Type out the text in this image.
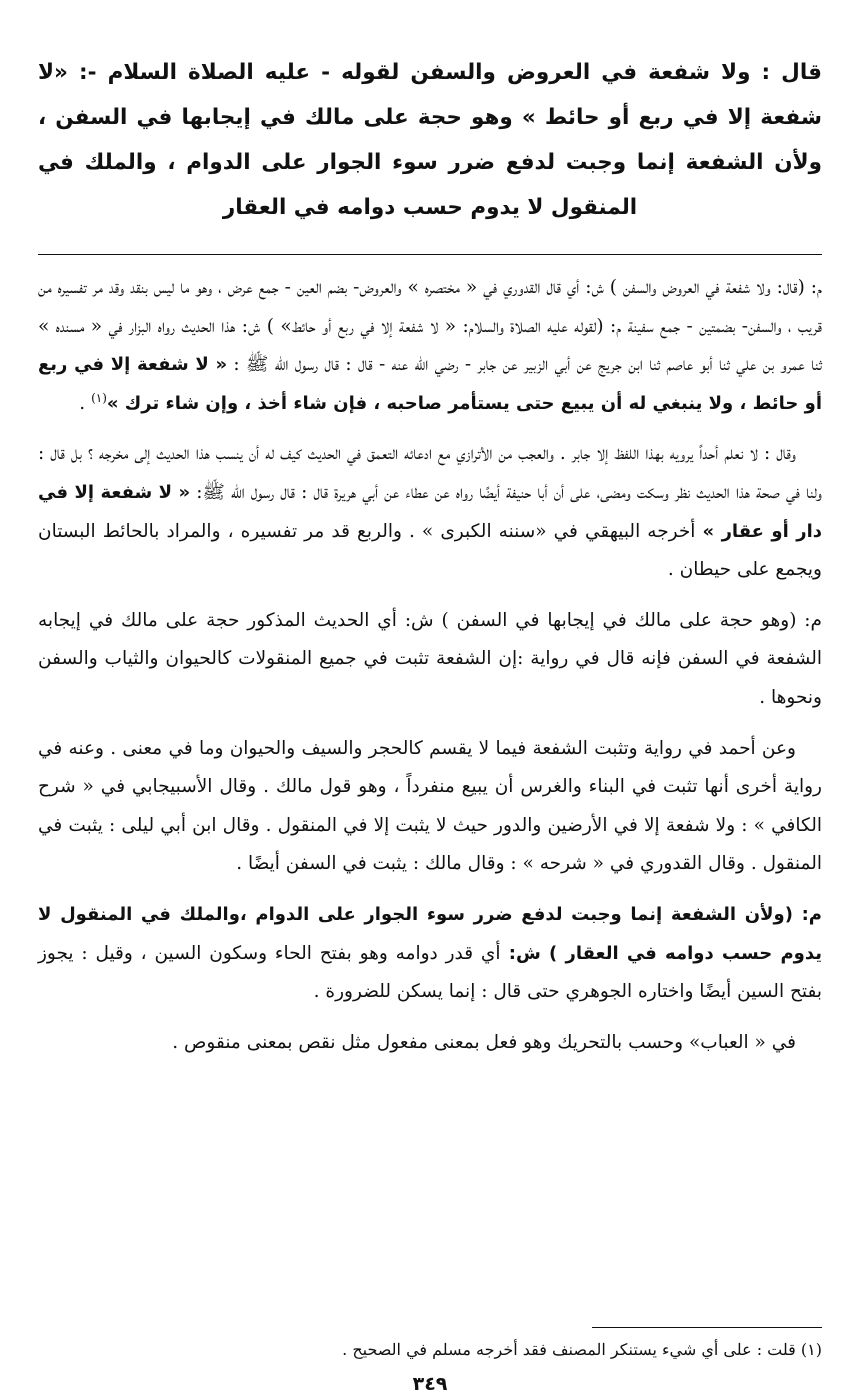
قال : ولا شفعة في العروض والسفن لقوله - عليه الصلاة السلام -: «لا شفعة إلا في ربع أو حائط » وهو حجة على مالك في إيجابها في السفن ، ولأن الشفعة إنما وجبت لدفع ضرر سوء الجوار على الدوام ، والملك في المنقول لا يدوم حسب دوامه في العقار

م: (قال: ولا شفعة في العروض والسفن ) ش: أي قال القدوري في « مختصره » والعروض- بضم العين - جمع عرض ، وهو ما ليس بنقد وقد مر تفسيره من قريب ، والسفن- بضمتين - جمع سفينة م: (لقوله عليه الصلاة والسلام: « لا شفعة إلا في ربع أو حائط» ) ش: هذا الحديث رواه البزار في « مسنده » ثنا عمرو بن علي ثنا أبو عاصم ثنا ابن جريج عن أبي الزبير عن جابر - رضي الله عنه - قال : قال رسول الله ﷺ : « لا شفعة إلا في ربع أو حائط ، ولا ينبغي له أن يبيع حتى يستأمر صاحبه ، فإن شاء أخذ ، وإن شاء ترك »$^{(١)}$ .

وقال : لا نعلم أحداً يرويه بهذا اللفظ إلا جابر . والعجب من الأترازي مع ادعائه التعمق في الحديث كيف له أن ينسب هذا الحديث إلى مخرجه ؟ بل قال : ولنا في صحة هذا الحديث نظر وسكت ومضى، على أن أبا حنيفة أيضًا رواه عن عطاء عن أبي هريرة قال : قال رسول الله ﷺ: « لا شفعة إلا في دار أو عقار » أخرجه البيهقي في «سننه الكبرى » . والربع قد مر تفسيره ، والمراد بالحائط البستان ويجمع على حيطان .

م: (وهو حجة على مالك في إيجابها في السفن ) ش: أي الحديث المذكور حجة على مالك في إيجابه الشفعة في السفن فإنه قال في رواية :إن الشفعة تثبت في جميع المنقولات كالحيوان والثياب والسفن ونحوها .

وعن أحمد في رواية وتثبت الشفعة فيما لا يقسم كالحجر والسيف والحيوان وما في معنى . وعنه في رواية أخرى أنها تثبت في البناء والغرس أن يبيع منفرداً ، وهو قول مالك . وقال الأسبيجابي في « شرح الكافي » : ولا شفعة إلا في الأرضين والدور حيث لا يثبت إلا في المنقول . وقال ابن أبي ليلى : يثبت في المنقول . وقال القدوري في « شرحه » : وقال مالك : يثبت في السفن أيضًا .

م: (ولأن الشفعة إنما وجبت لدفع ضرر سوء الجوار على الدوام ،والملك في المنقول لا يدوم حسب دوامه في العقار ) ش: أي قدر دوامه وهو بفتح الحاء وسكون السين ، وقيل : يجوز بفتح السين أيضًا واختاره الجوهري حتى قال : إنما يسكن للضرورة .

في « العباب» وحسب بالتحريك وهو فعل بمعنى مفعول مثل نقص بمعنى منقوص .

(١) قلت : على أي شيء يستنكر المصنف فقد أخرجه مسلم في الصحيح .

٣٤٩
